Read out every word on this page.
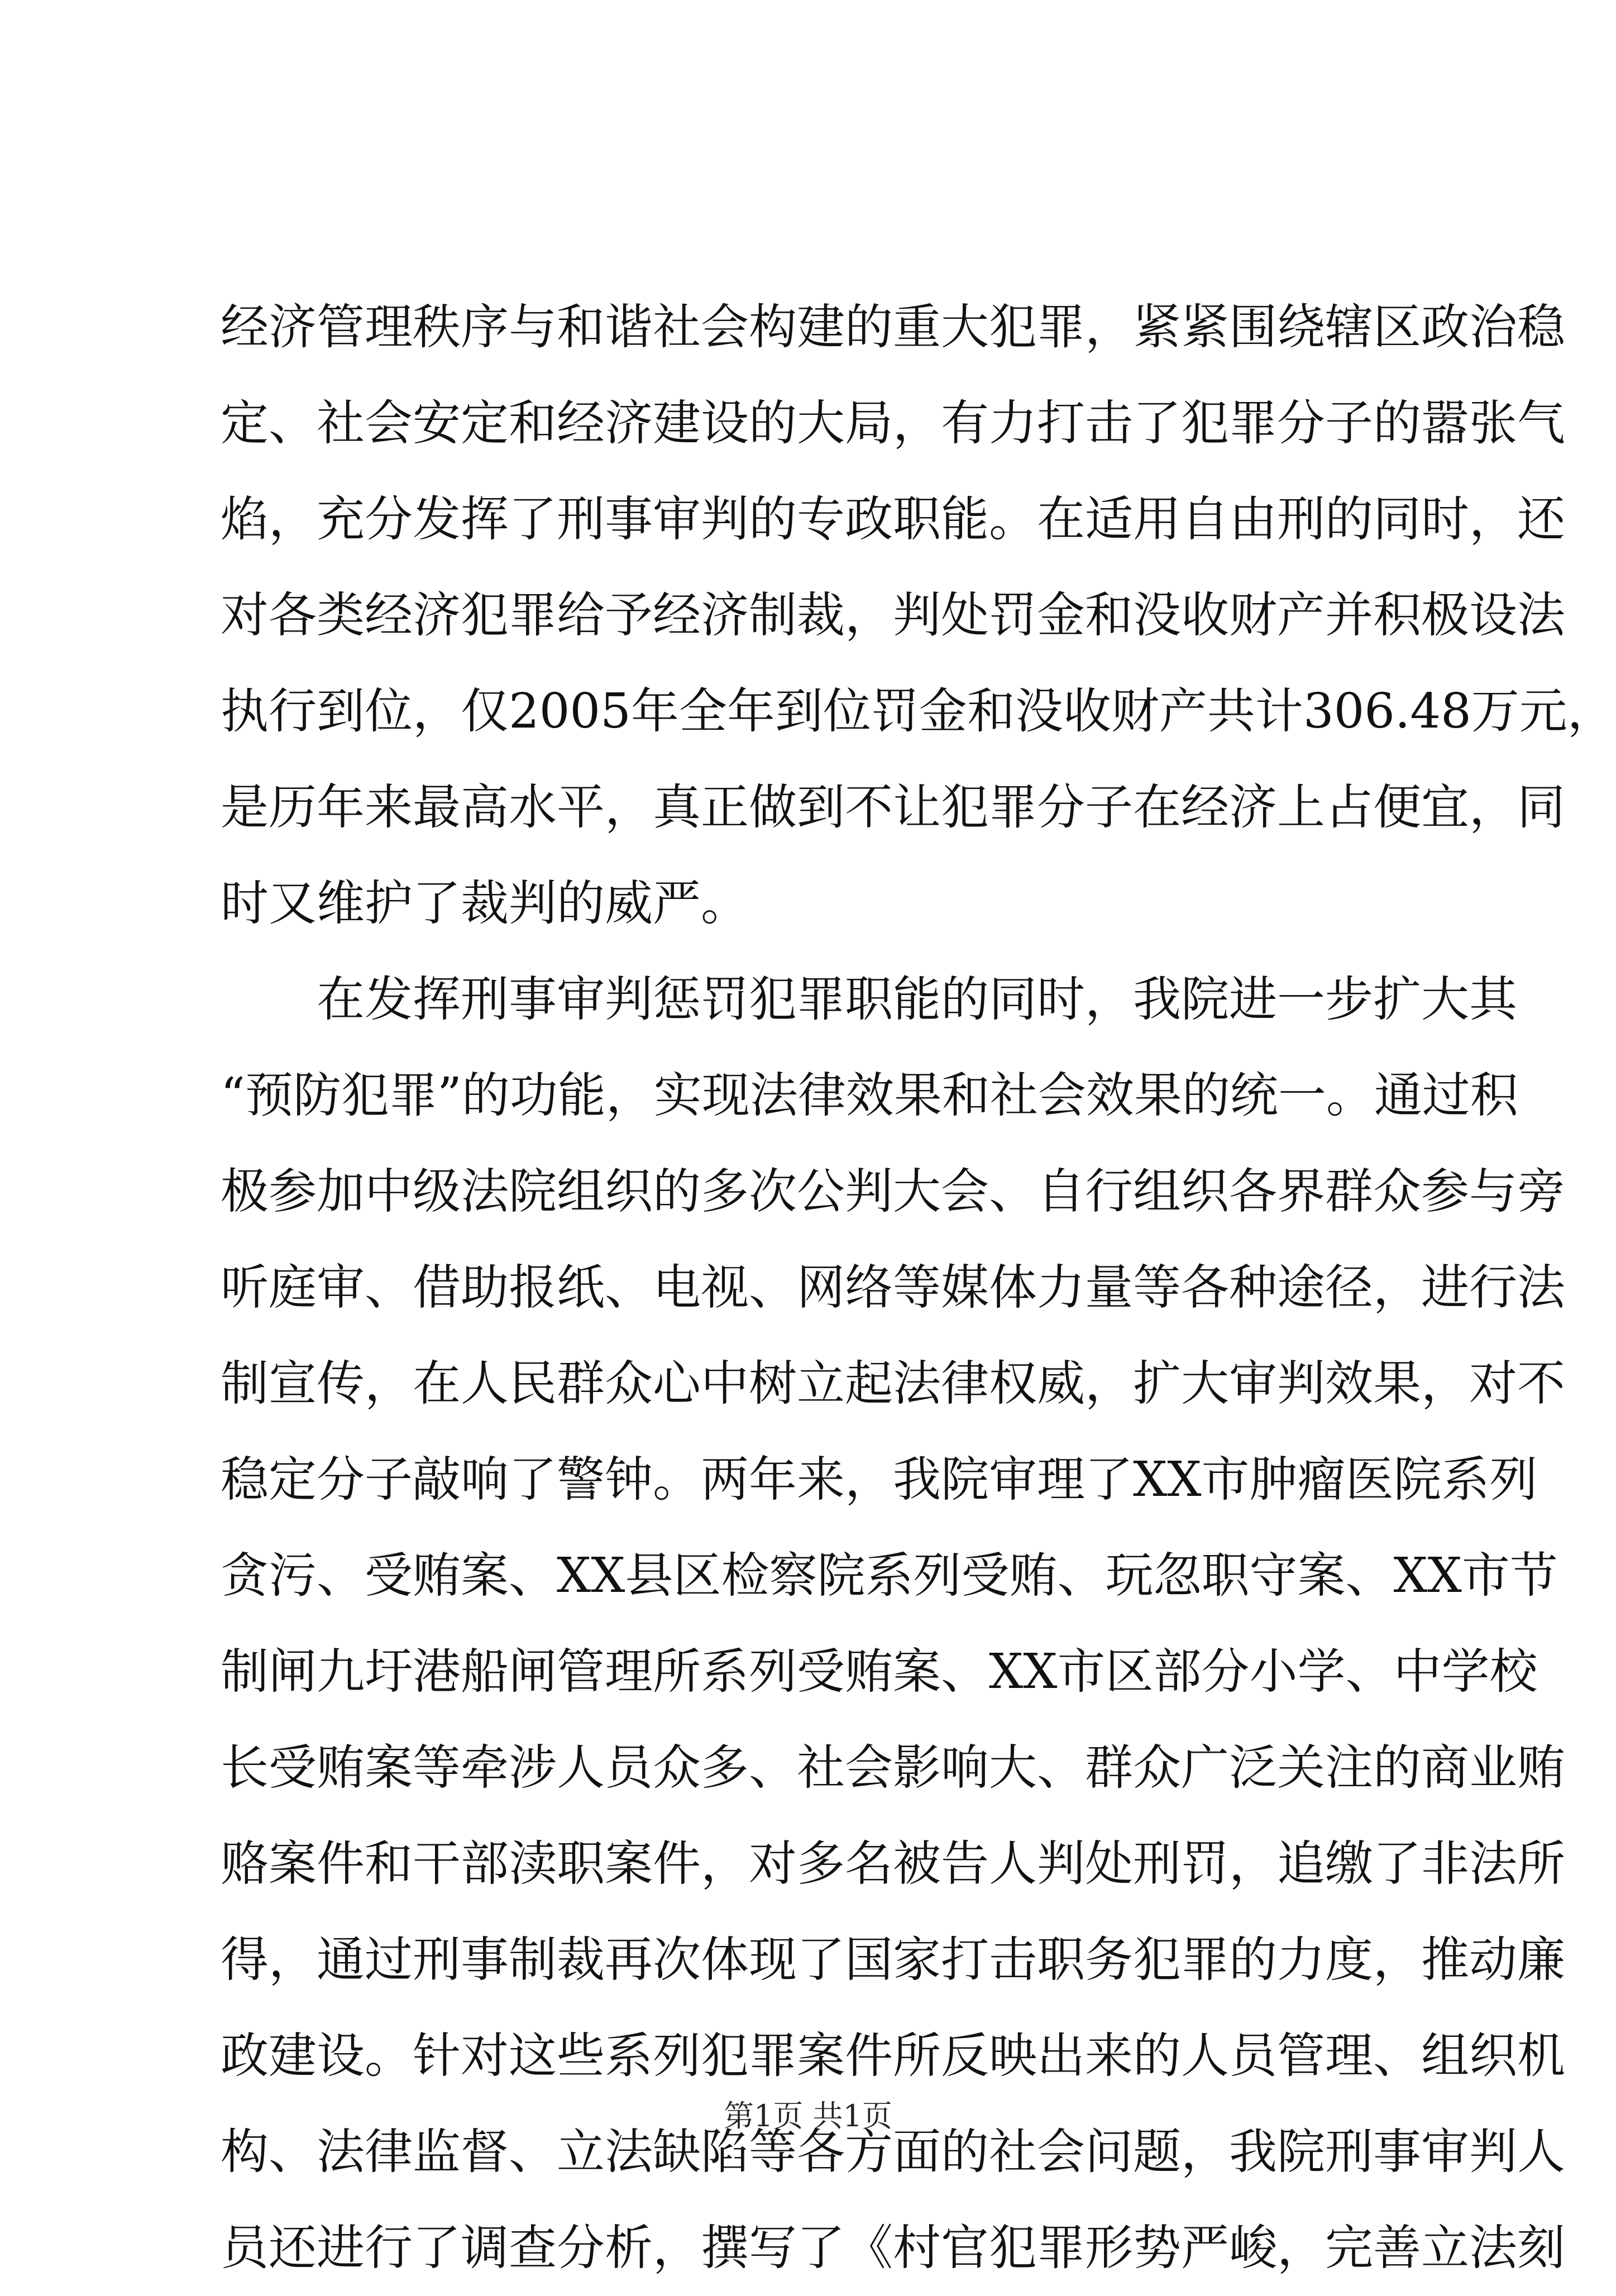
经济管理秩序与和谐社会构建的重大犯罪，紧紧围绕辖区政治稳
定、社会安定和经济建设的大局，有力打击了犯罪分子的嚣张气
焰，充分发挥了刑事审判的专政职能。在适用自由刑的同时，还
对各类经济犯罪给予经济制裁，判处罚金和没收财产并积极设法
执行到位，仅2005年全年到位罚金和没收财产共计306.48万元，
是历年来最高水平，真正做到不让犯罪分子在经济上占便宜，同
时又维护了裁判的威严。
在发挥刑事审判惩罚犯罪职能的同时，我院进一步扩大其
“预防犯罪”的功能，实现法律效果和社会效果的统一。通过积
极参加中级法院组织的多次公判大会、自行组织各界群众参与旁
听庭审、借助报纸、电视、网络等媒体力量等各种途径，进行法
制宣传，在人民群众心中树立起法律权威，扩大审判效果，对不
稳定分子敲响了警钟。两年来，我院审理了XX市肿瘤医院系列
贪污、受贿案、XX县区检察院系列受贿、玩忽职守案、XX市节
制闸九圩港船闸管理所系列受贿案、XX市区部分小学、中学校
长受贿案等牵涉人员众多、社会影响大、群众广泛关注的商业贿
赂案件和干部渎职案件，对多名被告人判处刑罚，追缴了非法所
得，通过刑事制裁再次体现了国家打击职务犯罪的力度，推动廉
政建设。针对这些系列犯罪案件所反映出来的人员管理、组织机
构、法律监督、立法缺陷等各方面的社会问题，我院刑事审判人
员还进行了调查分析，撰写了《村官犯罪形势严峻，完善立法刻
第1页 共1页
